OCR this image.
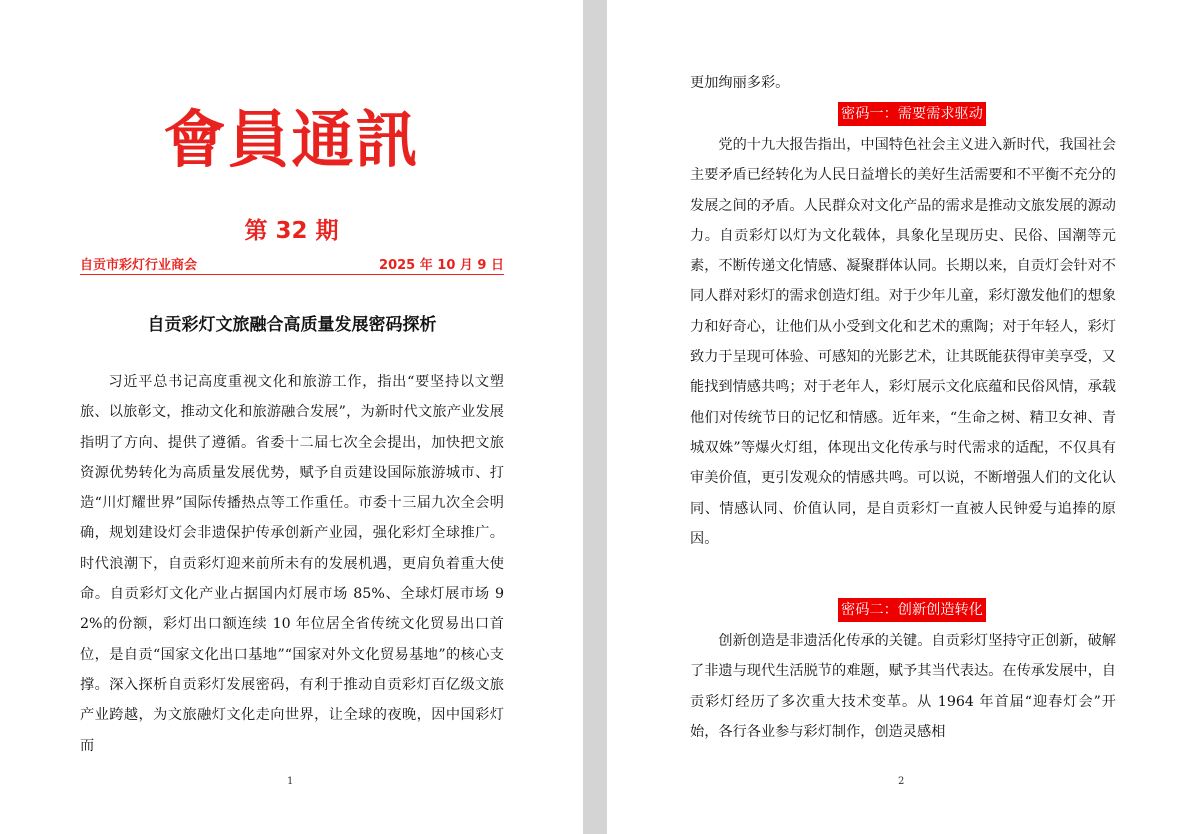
會員通訊
第 32 期
自贡市彩灯行业商会	2025 年 10 月 9 日
自贡彩灯文旅融合高质量发展密码探析

习近平总书记高度重视文化和旅游工作，指出“要坚持以文塑旅、以旅彰文，推动文化和旅游融合发展”，为新时代文旅产业发展指明了方向、提供了遵循。省委十二届七次全会提出，加快把文旅资源优势转化为高质量发展优势，赋予自贡建设国际旅游城市、打造“川灯耀世界”国际传播热点等工作重任。市委十三届九次全会明确，规划建设灯会非遗保护传承创新产业园，强化彩灯全球推广。时代浪潮下，自贡彩灯迎来前所未有的发展机遇，更肩负着重大使命。自贡彩灯文化产业占据国内灯展市场 85%、全球灯展市场 92%的份额，彩灯出口额连续 10 年位居全省传统文化贸易出口首位，是自贡“国家文化出口基地”“国家对外文化贸易基地”的核心支撑。深入探析自贡彩灯发展密码，有利于推动自贡彩灯百亿级文旅产业跨越，为文旅融灯文化走向世界，让全球的夜晚，因中国彩灯而

1	2

更加绚丽多彩。

密码一：需要需求驱动

党的十九大报告指出，中国特色社会主义进入新时代，我国社会主要矛盾已经转化为人民日益增长的美好生活需要和不平衡不充分的发展之间的矛盾。人民群众对文化产品的需求是推动文旅发展的源动力。自贡彩灯以灯为文化载体，具象化呈现历史、民俗、国潮等元素，不断传递文化情感、凝聚群体认同。长期以来，自贡灯会针对不同人群对彩灯的需求创造灯组。对于少年儿童，彩灯激发他们的想象力和好奇心，让他们从小受到文化和艺术的熏陶；对于年轻人，彩灯致力于呈现可体验、可感知的光影艺术，让其既能获得审美享受，又能找到情感共鸣；对于老年人，彩灯展示文化底蕴和民俗风情，承载他们对传统节日的记忆和情感。近年来，“生命之树、精卫女神、青城双姝”等爆火灯组，体现出文化传承与时代需求的适配，不仅具有审美价值，更引发观众的情感共鸣。可以说，不断增强人们的文化认同、情感认同、价值认同，是自贡彩灯一直被人民钟爱与追捧的原因。

密码二：创新创造转化

创新创造是非遗活化传承的关键。自贡彩灯坚持守正创新，破解了非遗与现代生活脱节的难题，赋予其当代表达。在传承发展中，自贡彩灯经历了多次重大技术变革。从 1964 年首届“迎春灯会”开始，各行各业参与彩灯制作，创造灵感相
